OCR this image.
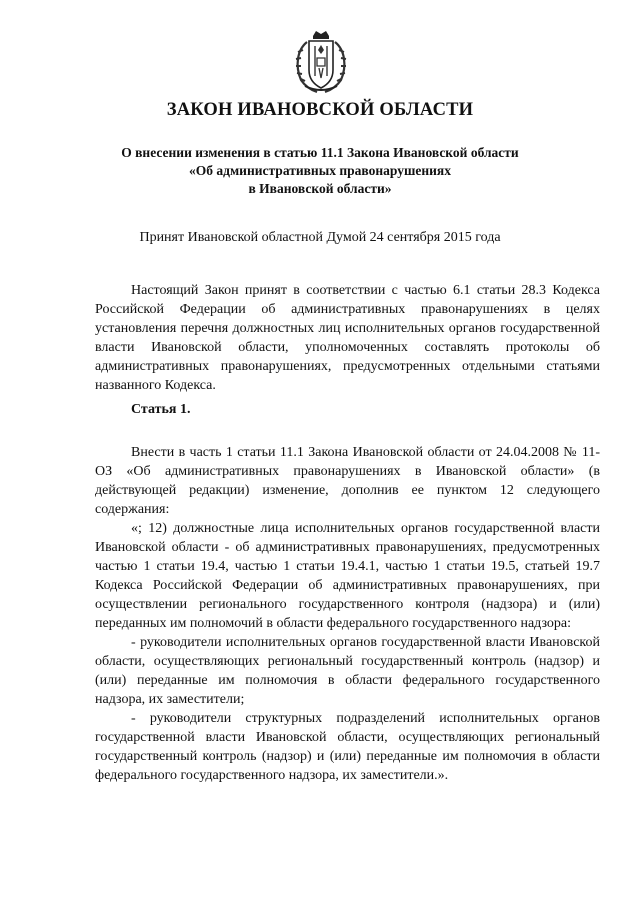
ЗАКОН ИВАНОВСКОЙ ОБЛАСТИ
О внесении изменения в статью 11.1 Закона Ивановской области
«Об административных правонарушениях
в Ивановской области»
Принят Ивановской областной Думой 24 сентября 2015 года

Настоящий Закон принят в соответствии с частью 6.1 статьи 28.3 Кодекса Российской Федерации об административных правонарушениях в целях установления перечня должностных лиц исполнительных органов государственной власти Ивановской области, уполномоченных составлять протоколы об административных правонарушениях, предусмотренных отдельными статьями названного Кодекса.

Статья 1.

Внести в часть 1 статьи 11.1 Закона Ивановской области от 24.04.2008 № 11-ОЗ «Об административных правонарушениях в Ивановской области» (в действующей редакции) изменение, дополнив ее пунктом 12 следующего содержания:

«; 12) должностные лица исполнительных органов государственной власти Ивановской области - об административных правонарушениях, предусмотренных частью 1 статьи 19.4, частью 1 статьи 19.4.1, частью 1 статьи 19.5, статьей 19.7 Кодекса Российской Федерации об административных правонарушениях, при осуществлении регионального государственного контроля (надзора) и (или) переданных им полномочий в области федерального государственного надзора:

- руководители исполнительных органов государственной власти Ивановской области, осуществляющих региональный государственный контроль (надзор) и (или) переданные им полномочия в области федерального государственного надзора, их заместители;

- руководители структурных подразделений исполнительных органов государственной власти Ивановской области, осуществляющих региональный государственный контроль (надзор) и (или) переданные им полномочия в области федерального государственного надзора, их заместители.».
